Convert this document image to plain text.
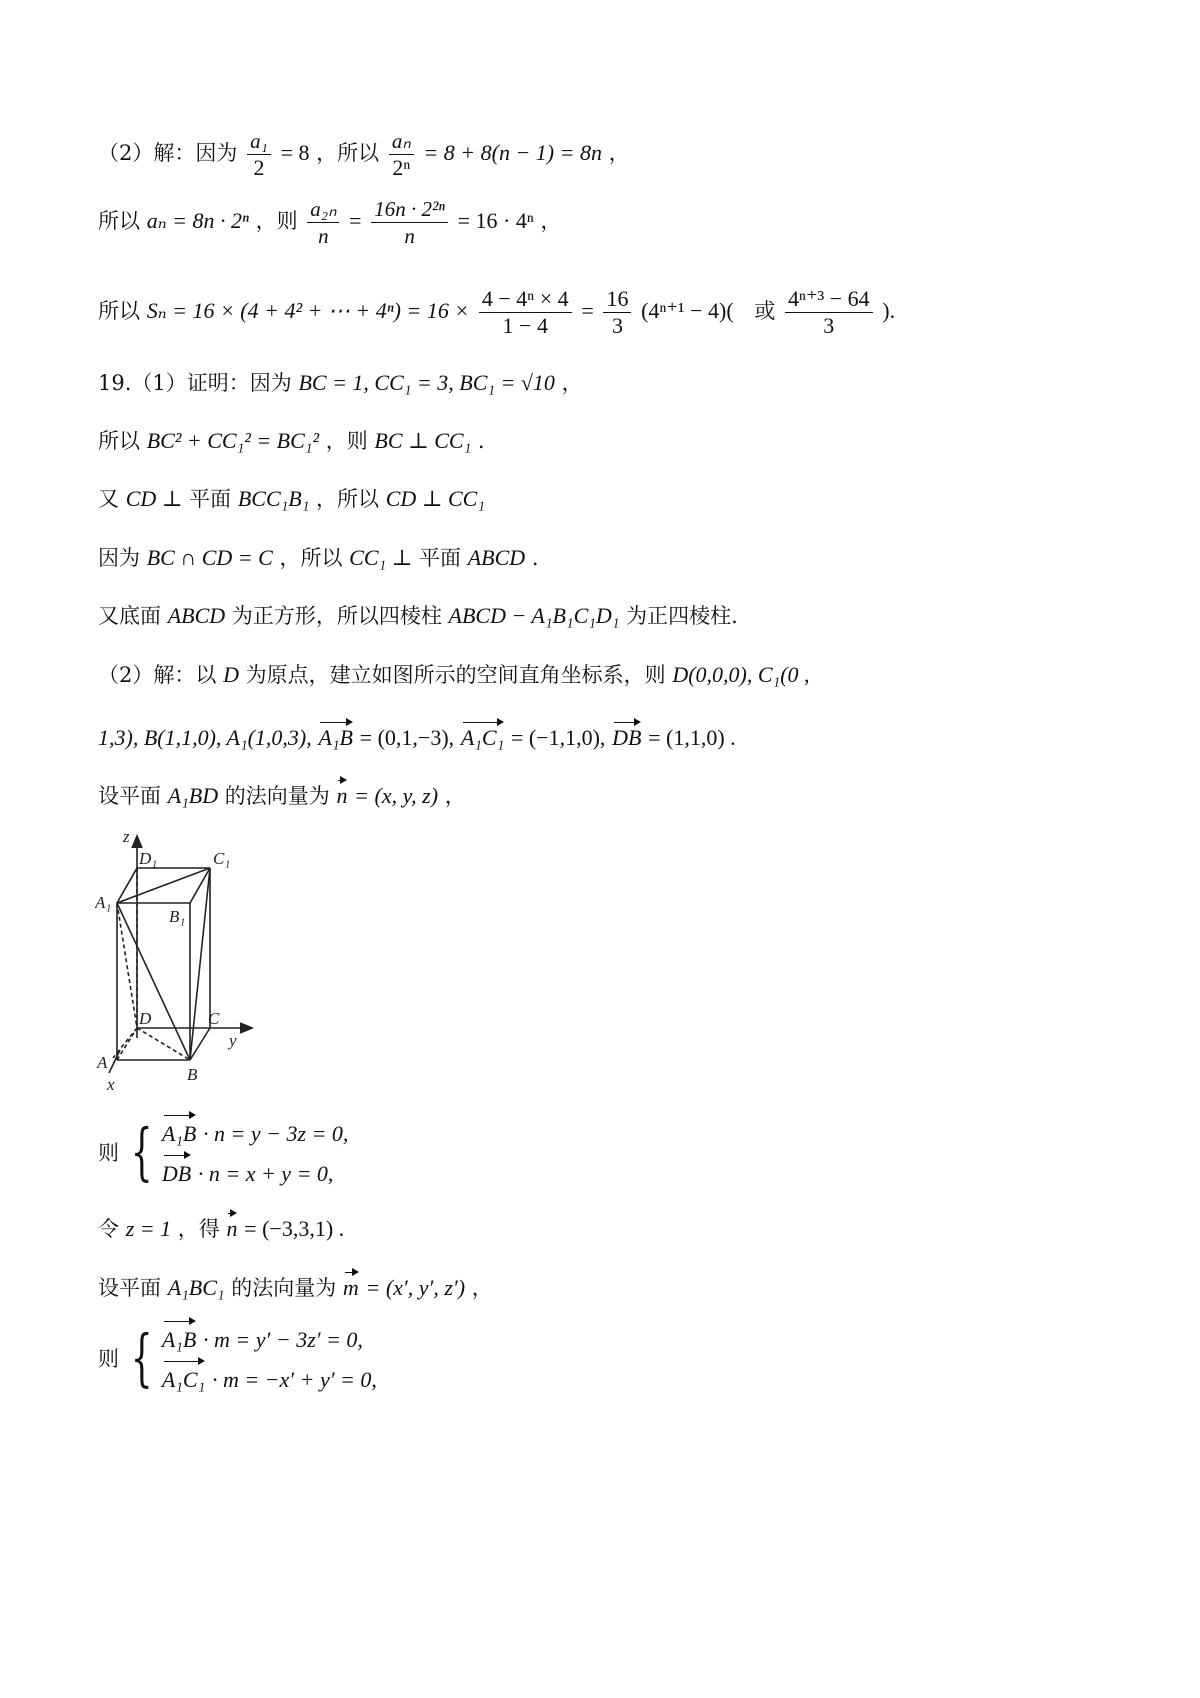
（2）解：因为 $\frac{\text{a₁}}{2} = 8$ ，所以 $\frac{\text{aₙ}}{\text{2ⁿ}} = 8 + 8(n - 1) = 8n$ ，
所以 aₙ = 8n · 2ⁿ ，则 $\frac{\text{a₂ₙ}}{n} = \frac{\text{16n · 2²ⁿ}}{n} = 16 \cdot 4^n$ ，
所以 Sₙ = 16 × (4 + 4² + ⋯ + $4^n) = 16 \times \frac{\text{4 − 4ⁿ × 4}}{1 - 4} = \frac{16}{3} (4^{n+1} - 4)$( 或 $\frac{\text{4ⁿ⁺³ − 64}}{3}$ ).
19.（1）证明：因为 BC = 1, CC₁ = 3, BC₁ = √10 ，
所以 BC² + CC₁² = BC₁² ，则 BC ⊥ CC₁ .
又 CD ⊥ 平面 BCC₁B₁ ，所以 CD ⊥ CC₁
因为 BC ∩ CD = C ，所以 CC₁ ⊥ 平面 ABCD .
又底面 ABCD 为正方形，所以四棱柱 ABCD − A₁B₁C₁D₁ 为正四棱柱.
（2）解：以 D 为原点，建立如图所示的空间直角坐标系，则 D(0,0,0), C₁(0 ,
1,3), B(1,1,0), A₁(1,0,3), A₁B = (0,1,−3), A₁C₁ = (−1,1,0), DB = (1,1,0) .
设平面 A₁BD 的法向量为 n = (x, y, z) ，
z
D₁	C₁
A₁
B₁
D	C
y
A
x
B
则 { A₁B · n = y − 3z = 0,
DB · n = x + y = 0,
令 z = 1 ，得 n = (−3,3,1) .
设平面 A₁BC₁ 的法向量为 m = (x′, y′, z′) ，
则 { A₁B · m = y′ − 3z′ = 0,
A₁C₁ · m = −x′ + y′ = 0,
